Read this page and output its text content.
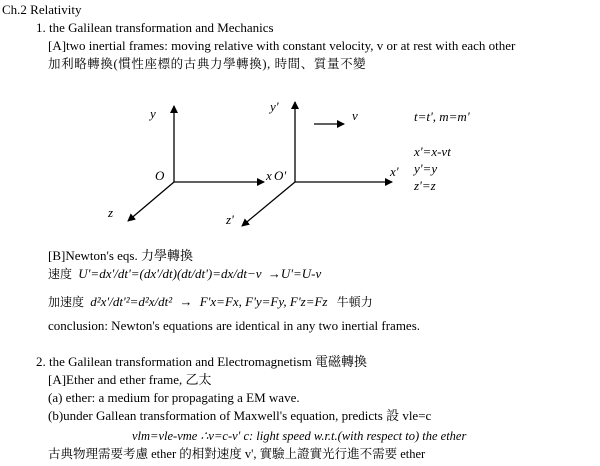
Ch.2 Relativity
1. the Galilean transformation and Mechanics
[A]two inertial frames: moving relative with constant velocity, v or at rest with each other
加利略轉換(慣性座標的古典力學轉換), 時間、質量不變
y
O	x
z
y'
O'	x'
z'
v	t=t', m=m'
x'=x-vt
y'=y
z'=z
[B]Newton's eqs. 力學轉換
速度 U'=dx'/dt'=(dx'/dt)(dt/dt')=dx/dt−v →U'=U-v
加速度 d²x'/dt'²=d²x/dt² → F'x=Fx, F'y=Fy, F'z=Fz 牛頓力
conclusion: Newton's equations are identical in any two inertial frames.
2. the Galilean transformation and Electromagnetism 電磁轉換
[A]Ether and ether frame, 乙太
(a) ether: a medium for propagating a EM wave.
(b)under Gallean transformation of Maxwell's equation, predicts 設 vle=c
vlm=vle-vme ∴v=c-v' c: light speed w.r.t.(with respect to) the ether
古典物理需要考慮 ether 的相對速度 v', 實驗上證實光行進不需要 ether
